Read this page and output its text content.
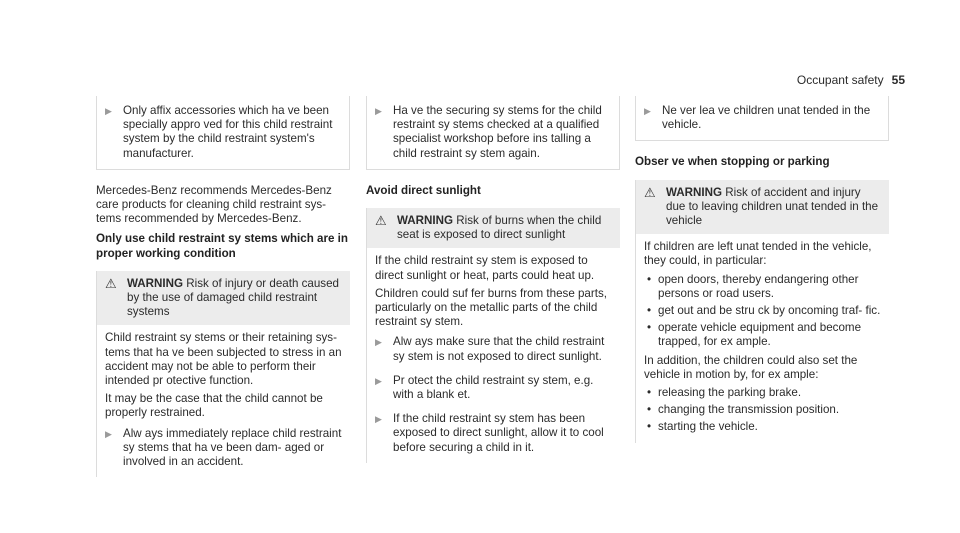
Occupant safety 55
▶ Only affix accessories which ha ve been specially appro ved for this child restraint system by the child restraint system's manufacturer.

Mercedes-Benz recommends Mercedes-Benz care products for cleaning child restraint sys- tems recommended by Mercedes-Benz.

Only use child restraint sy stems which are in proper working condition

⚠ WARNING Risk of injury or death caused by the use of damaged child restraint systems

Child restraint sy stems or their retaining sys- tems that ha ve been subjected to stress in an accident may not be able to perform their intended pr otective function.

It may be the case that the child cannot be properly restrained.

▶ Alw ays immediately replace child restraint sy stems that ha ve been dam- aged or involved in an accident.

▶ Ha ve the securing sy stems for the child restraint sy stems checked at a qualified specialist workshop before ins talling a child restraint sy stem again.

Avoid direct sunlight

⚠ WARNING Risk of burns when the child seat is exposed to direct sunlight

If the child restraint sy stem is exposed to direct sunlight or heat, parts could heat up.

Children could suf fer burns from these parts, particularly on the metallic parts of the child restraint sy stem.

▶ Alw ays make sure that the child restraint sy stem is not exposed to direct sunlight.

▶ Pr otect the child restraint sy stem, e.g. with a blank et.

▶ If the child restraint sy stem has been exposed to direct sunlight, allow it to cool before securing a child in it.

▶ Ne ver lea ve children unat tended in the vehicle.

Obser ve when stopping or parking

⚠ WARNING Risk of accident and injury due to leaving children unat tended in the vehicle

If children are left unat tended in the vehicle, they could, in particular:

• open doors, thereby endangering other persons or road users.
• get out and be stru ck by oncoming traf- fic.
• operate vehicle equipment and become trapped, for ex ample.

In addition, the children could also set the vehicle in motion by, for ex ample:

• releasing the parking brake.
• changing the transmission position.
• starting the vehicle.
